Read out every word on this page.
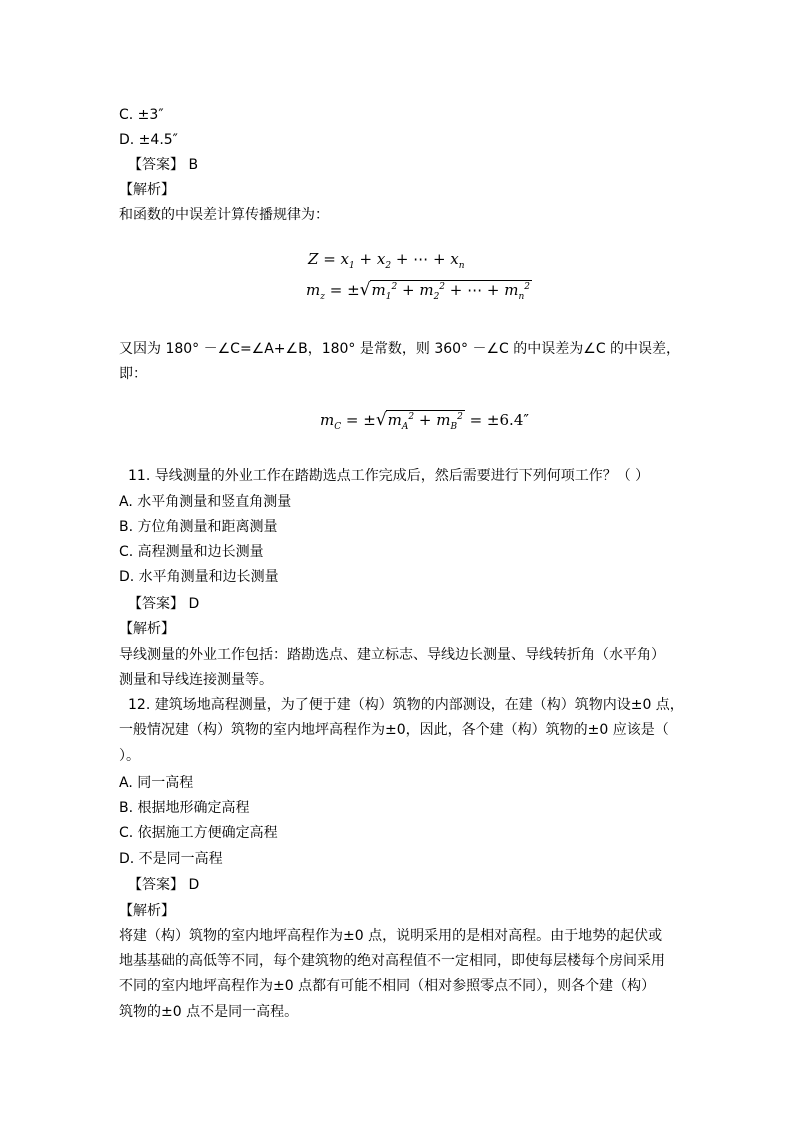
C. ±3″
D. ±4.5″
【答案】 B
【解析】
和函数的中误差计算传播规律为：
$Z = x_1 + x_2$ + ⋯ + $x_n$
$m_z = \pm√m_1^2 + m_2^2$ + ⋯ + $m_n^2$
又因为 180° －∠C=∠A+∠B，180° 是常数，则 360° －∠C 的中误差为∠C 的中误差，
即：
$m_C = \pm√m_A^2 + m_B^2 = \pm 6.4''$
11. 导线测量的外业工作在踏勘选点工作完成后，然后需要进行下列何项工作？（ ）
A. 水平角测量和竖直角测量
B. 方位角测量和距离测量
C. 高程测量和边长测量
D. 水平角测量和边长测量
【答案】 D
【解析】
导线测量的外业工作包括：踏勘选点、建立标志、导线边长测量、导线转折角（水平角）
测量和导线连接测量等。
12. 建筑场地高程测量，为了便于建（构）筑物的内部测设，在建（构）筑物内设±0 点，
一般情况建（构）筑物的室内地坪高程作为±0，因此，各个建（构）筑物的±0 应该是（
）。
A. 同一高程
B. 根据地形确定高程
C. 依据施工方便确定高程
D. 不是同一高程
【答案】 D
【解析】
将建（构）筑物的室内地坪高程作为±0 点，说明采用的是相对高程。由于地势的起伏或
地基基础的高低等不同，每个建筑物的绝对高程值不一定相同，即使每层楼每个房间采用
不同的室内地坪高程作为±0 点都有可能不相同（相对参照零点不同），则各个建（构）
筑物的±0 点不是同一高程。
